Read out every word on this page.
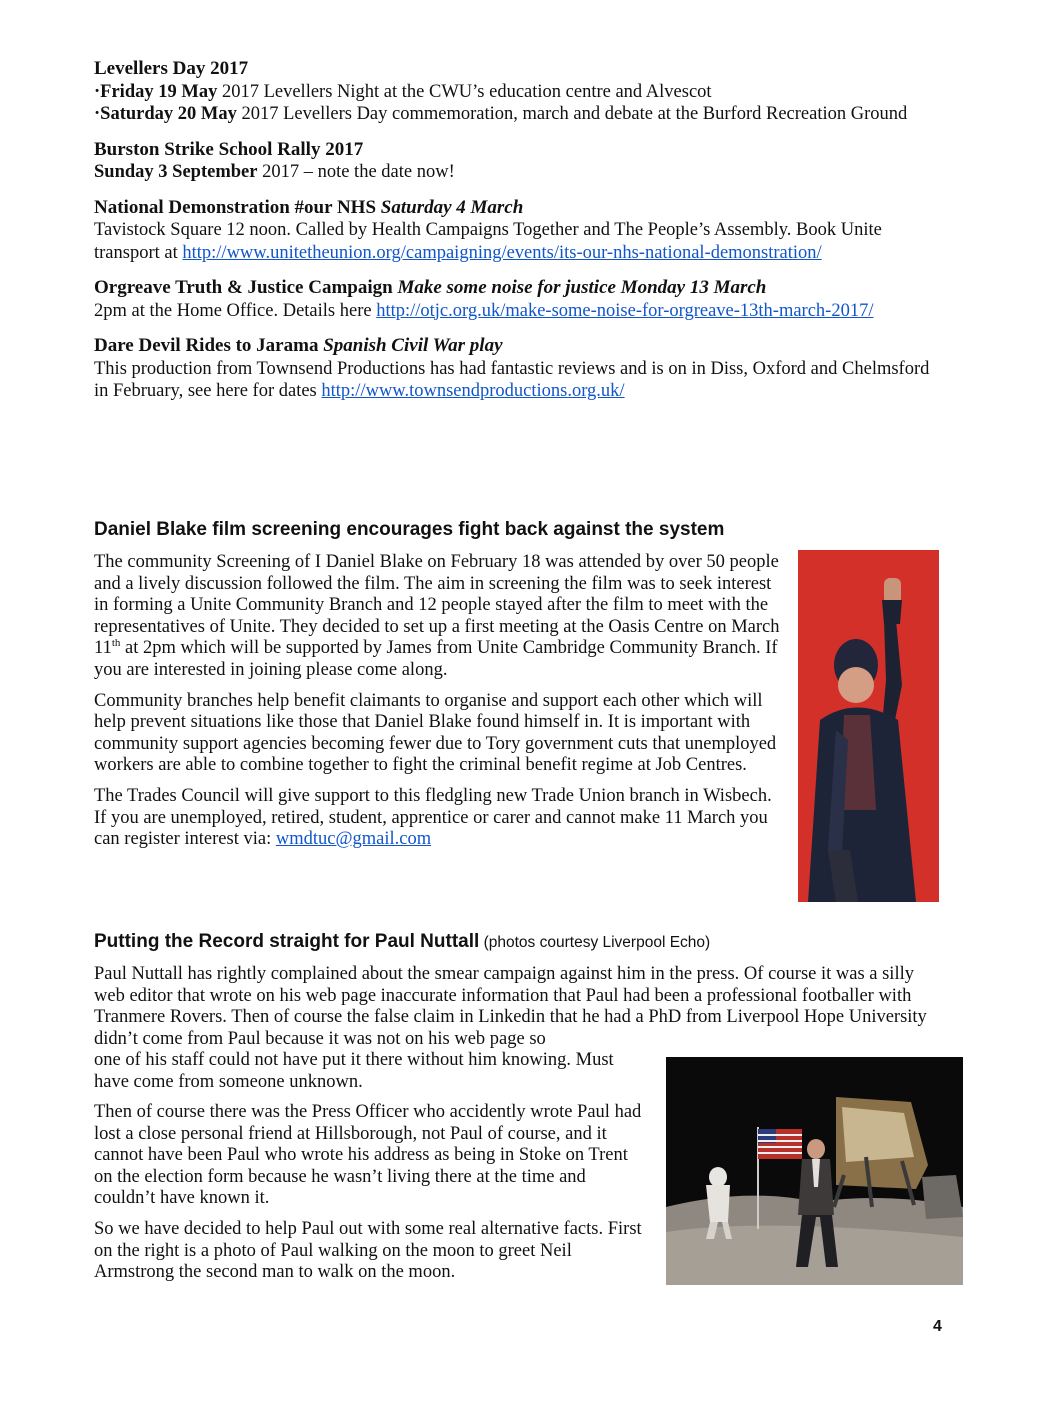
Levellers Day 2017

·Friday 19 May 2017 Levellers Night at the CWU’s education centre and Alvescot

·Saturday 20 May 2017 Levellers Day commemoration, march and debate at the Burford Recreation Ground

Burston Strike School Rally 2017

Sunday 3 September 2017 – note the date now!

National Demonstration #our NHS Saturday 4 March

Tavistock Square 12 noon. Called by Health Campaigns Together and The People’s Assembly. Book Unite transport at http://www.unitetheunion.org/campaigning/events/its-our-nhs-national-demonstration/

Orgreave Truth & Justice Campaign Make some noise for justice Monday 13 March

2pm at the Home Office. Details here http://otjc.org.uk/make-some-noise-for-orgreave-13th-march-2017/

Dare Devil Rides to Jarama Spanish Civil War play

This production from Townsend Productions has had fantastic reviews and is on in Diss, Oxford and Chelmsford in February, see here for dates http://www.townsendproductions.org.uk/

Daniel Blake film screening encourages fight back against the system

The community Screening of I Daniel Blake on February 18 was attended by over 50 people and a lively discussion followed the film. The aim in screening the film was to seek interest in forming a Unite Community Branch and 12 people stayed after the film to meet with the representatives of Unite. They decided to set up a first meeting at the Oasis Centre on March 11th at 2pm which will be supported by James from Unite Cambridge Community Branch. If you are interested in joining please come along.

Community branches help benefit claimants to organise and support each other which will help prevent situations like those that Daniel Blake found himself in. It is important with community support agencies becoming fewer due to Tory government cuts that unemployed workers are able to combine together to fight the criminal benefit regime at Job Centres.

The Trades Council will give support to this fledgling new Trade Union branch in Wisbech. If you are unemployed, retired, student, apprentice or carer and cannot make 11 March you can register interest via: wmdtuc@gmail.com

Putting the Record straight for Paul Nuttall (photos courtesy Liverpool Echo)

Paul Nuttall has rightly complained about the smear campaign against him in the press. Of course it was a silly web editor that wrote on his web page inaccurate information that Paul had been a professional footballer with Tranmere Rovers. Then of course the false claim in Linkedin that he had a PhD from Liverpool Hope University didn’t come from Paul because it was not on his web page so

one of his staff could not have put it there without him knowing. Must have come from someone unknown.

Then of course there was the Press Officer who accidently wrote Paul had lost a close personal friend at Hillsborough, not Paul of course, and it cannot have been Paul who wrote his address as being in Stoke on Trent on the election form because he wasn’t living there at the time and couldn’t have known it.

So we have decided to help Paul out with some real alternative facts. First on the right is a photo of Paul walking on the moon to greet Neil Armstrong the second man to walk on the moon.

4
